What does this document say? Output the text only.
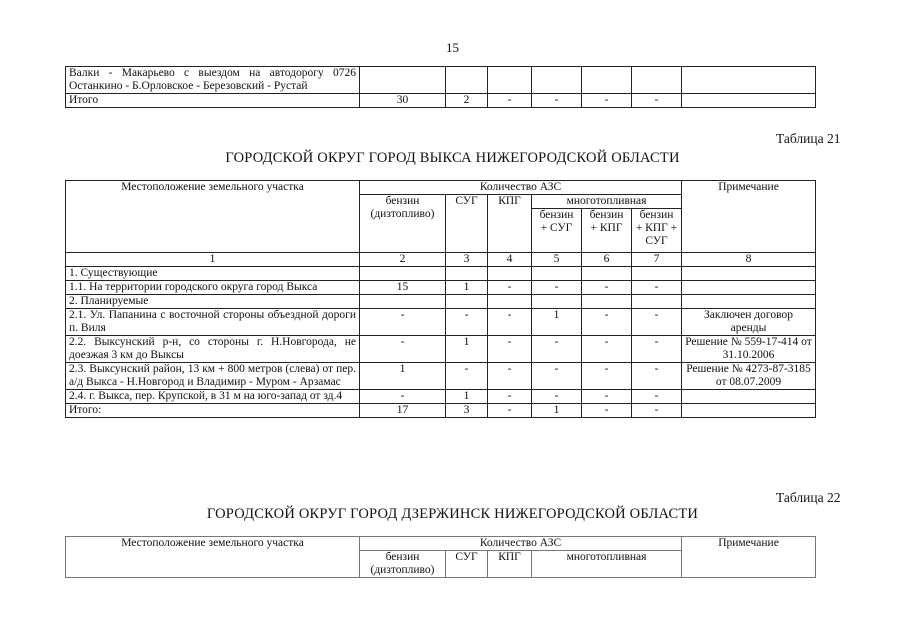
15
Валки - Макарьево с выездом на автодорогу 0726 Останкино - Б.Орловское - Березовский - Рустай							
Итого	30	2	-	-	-	-	
Таблица 21
ГОРОДСКОЙ ОКРУГ ГОРОД ВЫКСА НИЖЕГОРОДСКОЙ ОБЛАСТИ
Местоположение земельного участка	Количество АЗС						Примечание
	бензин (дизтопливо)	СУГ	КПГ	многотопливная			
				бензин + СУГ	бензин + КПГ	бензин + КПГ + СУГ	
1	2	3	4	5	6	7	8
1. Существующие							
1.1. На территории городского округа город Выкса	15	1	-	-	-	-	
2. Планируемые							
2.1. Ул. Папанина с восточной стороны объездной дороги п. Виля	-	-	-	1	-	-	Заключен договор аренды
2.2. Выксунский р-н, со стороны г. Н.Новгорода, не доезжая 3 км до Выксы	-	1	-	-	-	-	Решение № 559-17-414 от 31.10.2006
2.3. Выксунский район, 13 км + 800 метров (слева) от пер. а/д Выкса - Н.Новгород и Владимир - Муром - Арзамас	1	-	-	-	-	-	Решение № 4273-87-3185 от 08.07.2009
2.4. г. Выкса, пер. Крупской, в 31 м на юго-запад от зд.4	-	1	-	-	-	-	
Итого:	17	3	-	1	-	-	
Таблица 22
ГОРОДСКОЙ ОКРУГ ГОРОД ДЗЕРЖИНСК НИЖЕГОРОДСКОЙ ОБЛАСТИ
Местоположение земельного участка	Количество АЗС				Примечание
	бензин (дизтопливо)	СУГ	КПГ	многотопливная	
